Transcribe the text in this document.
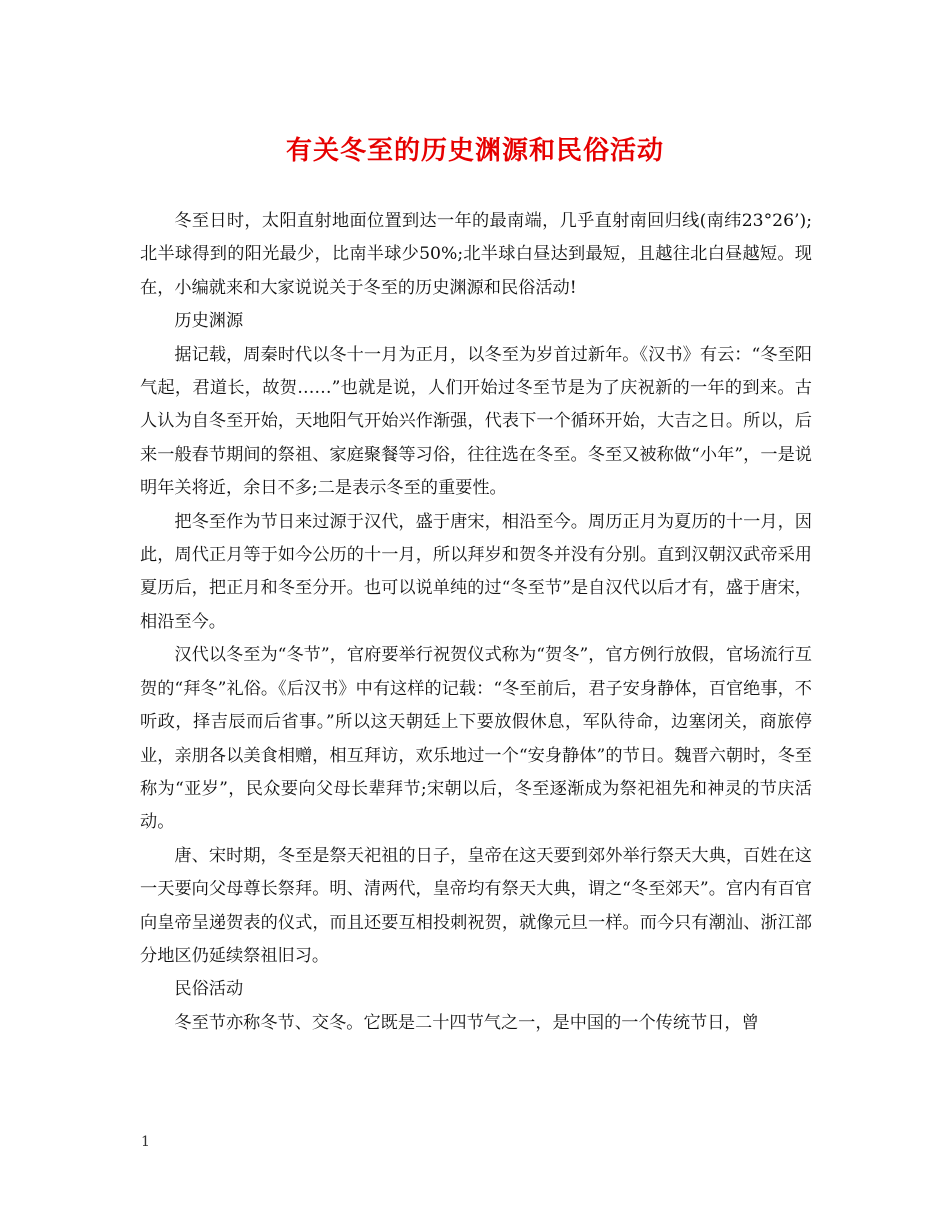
有关冬至的历史渊源和民俗活动

冬至日时，太阳直射地面位置到达一年的最南端，几乎直射南回归线(南纬23°26’);北半球得到的阳光最少，比南半球少50%;北半球白昼达到最短，且越往北白昼越短。现在，小编就来和大家说说关于冬至的历史渊源和民俗活动!

历史渊源

据记载，周秦时代以冬十一月为正月，以冬至为岁首过新年。《汉书》有云：“冬至阳气起，君道长，故贺……”也就是说，人们开始过冬至节是为了庆祝新的一年的到来。古人认为自冬至开始，天地阳气开始兴作渐强，代表下一个循环开始，大吉之日。所以，后来一般春节期间的祭祖、家庭聚餐等习俗，往往选在冬至。冬至又被称做“小年”，一是说明年关将近，余日不多;二是表示冬至的重要性。

把冬至作为节日来过源于汉代，盛于唐宋，相沿至今。周历正月为夏历的十一月，因此，周代正月等于如今公历的十一月，所以拜岁和贺冬并没有分别。直到汉朝汉武帝采用夏历后，把正月和冬至分开。也可以说单纯的过“冬至节”是自汉代以后才有，盛于唐宋，相沿至今。

汉代以冬至为“冬节”，官府要举行祝贺仪式称为“贺冬”，官方例行放假，官场流行互贺的“拜冬”礼俗。《后汉书》中有这样的记载：“冬至前后，君子安身静体，百官绝事，不听政，择吉辰而后省事。”所以这天朝廷上下要放假休息，军队待命，边塞闭关，商旅停业，亲朋各以美食相赠，相互拜访，欢乐地过一个“安身静体”的节日。魏晋六朝时，冬至称为“亚岁”，民众要向父母长辈拜节;宋朝以后，冬至逐渐成为祭祀祖先和神灵的节庆活动。

唐、宋时期，冬至是祭天祀祖的日子，皇帝在这天要到郊外举行祭天大典，百姓在这一天要向父母尊长祭拜。明、清两代，皇帝均有祭天大典，谓之“冬至郊天”。宫内有百官向皇帝呈递贺表的仪式，而且还要互相投刺祝贺，就像元旦一样。而今只有潮汕、浙江部分地区仍延续祭祖旧习。

民俗活动

冬至节亦称冬节、交冬。它既是二十四节气之一，是中国的一个传统节日，曾

1
